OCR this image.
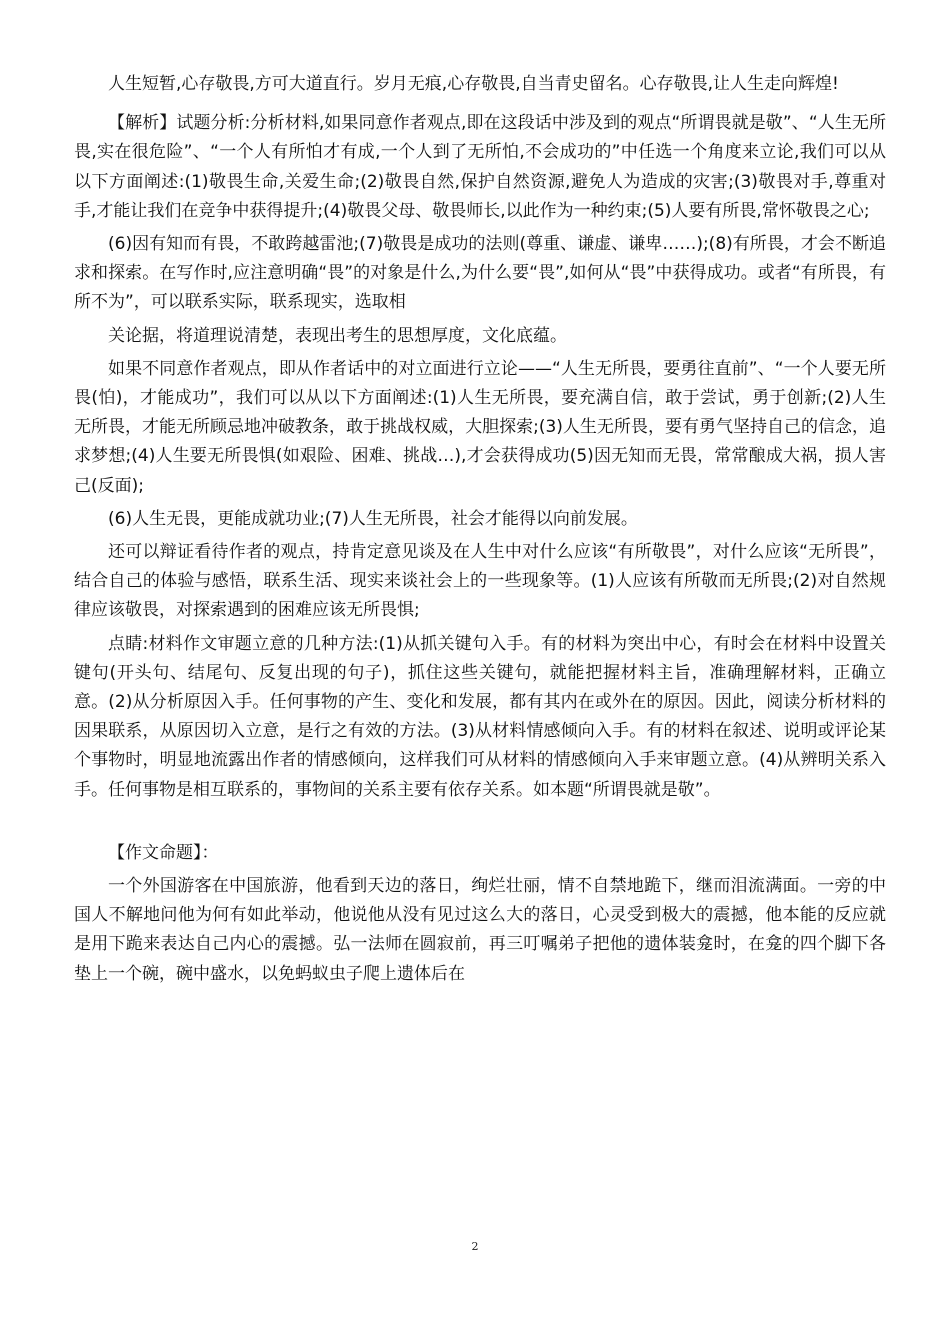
人生短暂,心存敬畏,方可大道直行。岁月无痕,心存敬畏,自当青史留名。心存敬畏,让人生走向辉煌!

【解析】试题分析:分析材料,如果同意作者观点,即在这段话中涉及到的观点“所谓畏就是敬”、“人生无所畏,实在很危险”、“一个人有所怕才有成,一个人到了无所怕,不会成功的”中任选一个角度来立论,我们可以从以下方面阐述:(1)敬畏生命,关爱生命;(2)敬畏自然,保护自然资源,避免人为造成的灾害;(3)敬畏对手,尊重对手,才能让我们在竞争中获得提升;(4)敬畏父母、敬畏师长,以此作为一种约束;(5)人要有所畏,常怀敬畏之心;

(6)因有知而有畏，不敢跨越雷池;(7)敬畏是成功的法则(尊重、谦虚、谦卑……);(8)有所畏，才会不断追求和探索。在写作时,应注意明确“畏”的对象是什么,为什么要“畏”,如何从“畏”中获得成功。或者“有所畏，有所不为”，可以联系实际，联系现实，选取相

关论据，将道理说清楚，表现出考生的思想厚度，文化底蕴。

如果不同意作者观点，即从作者话中的对立面进行立论——“人生无所畏，要勇往直前”、“一个人要无所畏(怕)，才能成功”，我们可以从以下方面阐述:(1)人生无所畏，要充满自信，敢于尝试，勇于创新;(2)人生无所畏，才能无所顾忌地冲破教条，敢于挑战权威，大胆探索;(3)人生无所畏，要有勇气坚持自己的信念，追求梦想;(4)人生要无所畏惧(如艰险、困难、挑战…),才会获得成功(5)因无知而无畏，常常酿成大祸，损人害己(反面);

(6)人生无畏，更能成就功业;(7)人生无所畏，社会才能得以向前发展。

还可以辩证看待作者的观点，持肯定意见谈及在人生中对什么应该“有所敬畏”，对什么应该“无所畏”，结合自己的体验与感悟，联系生活、现实来谈社会上的一些现象等。(1)人应该有所敬而无所畏;(2)对自然规律应该敬畏，对探索遇到的困难应该无所畏惧;

点睛:材料作文审题立意的几种方法:(1)从抓关键句入手。有的材料为突出中心，有时会在材料中设置关键句(开头句、结尾句、反复出现的句子)，抓住这些关键句，就能把握材料主旨，准确理解材料，正确立意。(2)从分析原因入手。任何事物的产生、变化和发展，都有其内在或外在的原因。因此，阅读分析材料的因果联系，从原因切入立意，是行之有效的方法。(3)从材料情感倾向入手。有的材料在叙述、说明或评论某个事物时，明显地流露出作者的情感倾向，这样我们可从材料的情感倾向入手来审题立意。(4)从辨明关系入手。任何事物是相互联系的，事物间的关系主要有依存关系。如本题“所谓畏就是敬”。

【作文命题】：

一个外国游客在中国旅游，他看到天边的落日，绚烂壮丽，情不自禁地跪下，继而泪流满面。一旁的中国人不解地问他为何有如此举动，他说他从没有见过这么大的落日，心灵受到极大的震撼，他本能的反应就是用下跪来表达自己内心的震撼。弘一法师在圆寂前，再三叮嘱弟子把他的遗体装龛时，在龛的四个脚下各垫上一个碗，碗中盛水，以免蚂蚁虫子爬上遗体后在

2
